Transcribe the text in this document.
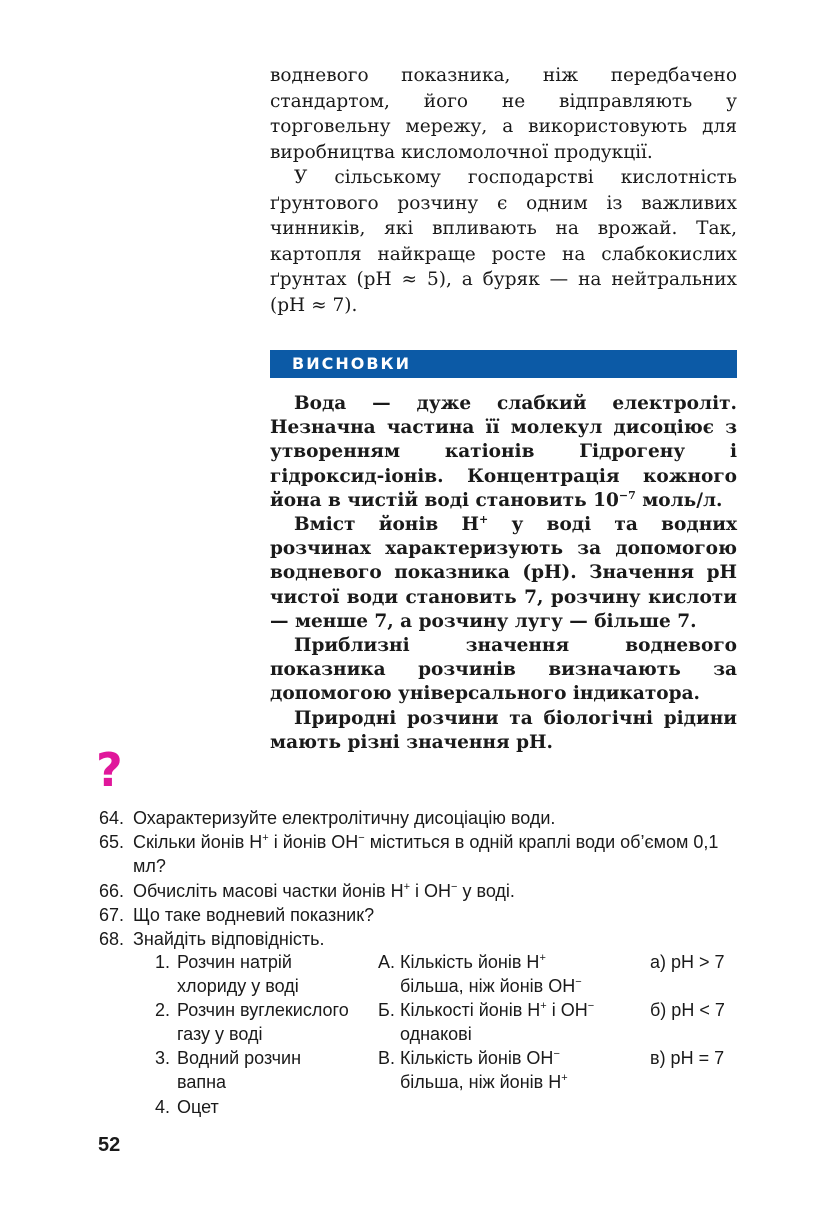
водневого показника, ніж передбачено стандартом, його не відправляють у торговельну мережу, а використовують для виробництва кисломолочної продукції.

У сільському господарстві кислотність ґрунтового розчину є одним із важливих чинників, які впливають на врожай. Так, картопля найкраще росте на слабкокислих ґрунтах (pH ≈ 5), а буряк — на нейтральних (pH ≈ 7).

ВИСНОВКИ

Вода — дуже слабкий електроліт. Незначна частина її молекул дисоціює з утворенням катіонів Гідрогену і гідроксид-іонів. Концентрація кожного йона в чистій воді становить $10^{-7}$ моль/л.

Вміст йонів H+ у воді та водних розчинах характеризують за допомогою водневого показника (pH). Значення pH чистої води становить 7, розчину кислоти — менше 7, а розчину лугу — більше 7.

Приблизні значення водневого показника розчинів визначають за допомогою універсального індикатора.

Природні розчини та біологічні рідини мають різні значення pH.

?
64. Охарактеризуйте електролітичну дисоціацію води.
65. Скільки йонів H+ і йонів OH− міститься в одній краплі води об’ємом 0,1 мл?
66. Обчисліть масові частки йонів H+ і OH− у воді.
67. Що таке водневий показник?
68. Знайдіть відповідність.
1. Розчин натрій
хлориду у воді
2. Розчин вуглекислого
газу у воді
3. Водний розчин
вапна
4. Оцет
А. Кількість йонів H+
більша, ніж йонів OH−
Б. Кількості йонів H+ і OH−
однакові
В. Кількість йонів OH−
більша, ніж йонів H+
а) pH > 7
б) pH < 7
в) pH = 7
52
